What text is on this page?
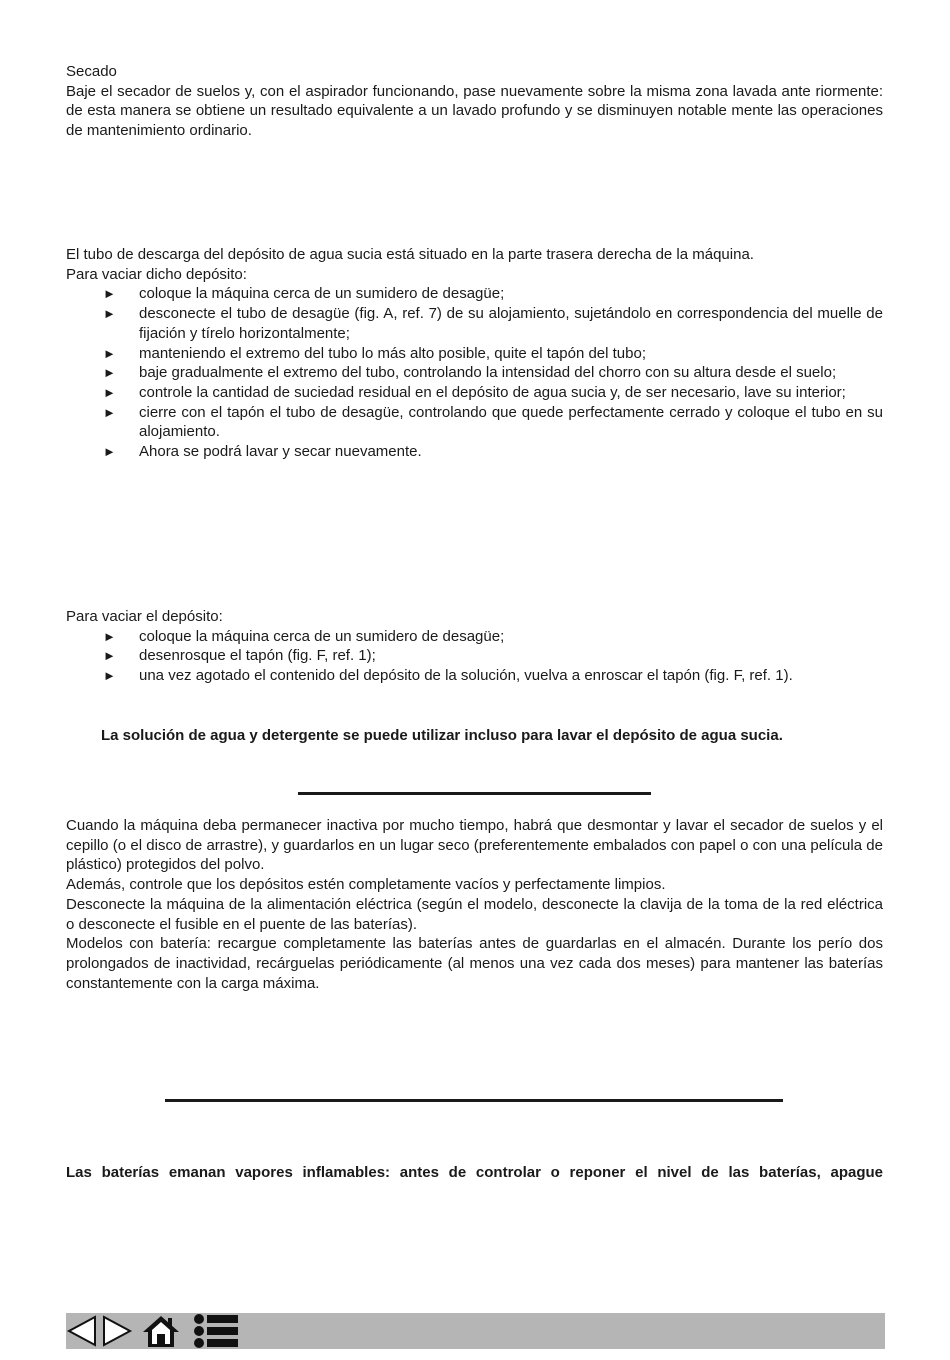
Secado

Baje el secador de suelos y, con el aspirador funcionando, pase nuevamente sobre la misma zona lavada ante riormente: de esta manera se obtiene un resultado equivalente a un lavado profundo y se disminuyen notable mente las operaciones de mantenimiento ordinario.

El tubo de descarga del depósito de agua sucia está situado en la parte trasera derecha de la máquina.

Para vaciar dicho depósito:

► coloque la máquina cerca de un sumidero de desagüe;
► desconecte el tubo de desagüe (fig. A, ref. 7) de su alojamiento, sujetándolo en correspondencia del muelle de fijación y tírelo horizontalmente;
► manteniendo el extremo del tubo lo más alto posible, quite el tapón del tubo;
► baje gradualmente el extremo del tubo, controlando la intensidad del chorro con su altura desde el suelo;
► controle la cantidad de suciedad residual en el depósito de agua sucia y, de ser necesario, lave su interior;
► cierre con el tapón el tubo de desagüe, controlando que quede perfectamente cerrado y coloque el tubo en su alojamiento.
► Ahora se podrá lavar y secar nuevamente.

Para vaciar el depósito:

► coloque la máquina cerca de un sumidero de desagüe;
► desenrosque el tapón (fig. F, ref. 1);
► una vez agotado el contenido del depósito de la solución, vuelva a enroscar el tapón (fig. F, ref. 1).
La solución de agua y detergente se puede utilizar incluso para lavar el depósito de agua sucia.

Cuando la máquina deba permanecer inactiva por mucho tiempo, habrá que desmontar y lavar el secador de suelos y el cepillo (o el disco de arrastre), y guardarlos en un lugar seco (preferentemente embalados con papel o con una película de plástico) protegidos del polvo.

Además, controle que los depósitos estén completamente vacíos y perfectamente limpios.

Desconecte la máquina de la alimentación eléctrica (según el modelo, desconecte la clavija de la toma de la red eléctrica o desconecte el fusible en el puente de las baterías).

Modelos con batería: recargue completamente las baterías antes de guardarlas en el almacén. Durante los perío dos prolongados de inactividad, recárguelas periódicamente (al menos una vez cada dos meses) para mantener las baterías constantemente con la carga máxima.

Las baterías emanan vapores inflamables: antes de controlar o reponer el nivel de las baterías, apague
